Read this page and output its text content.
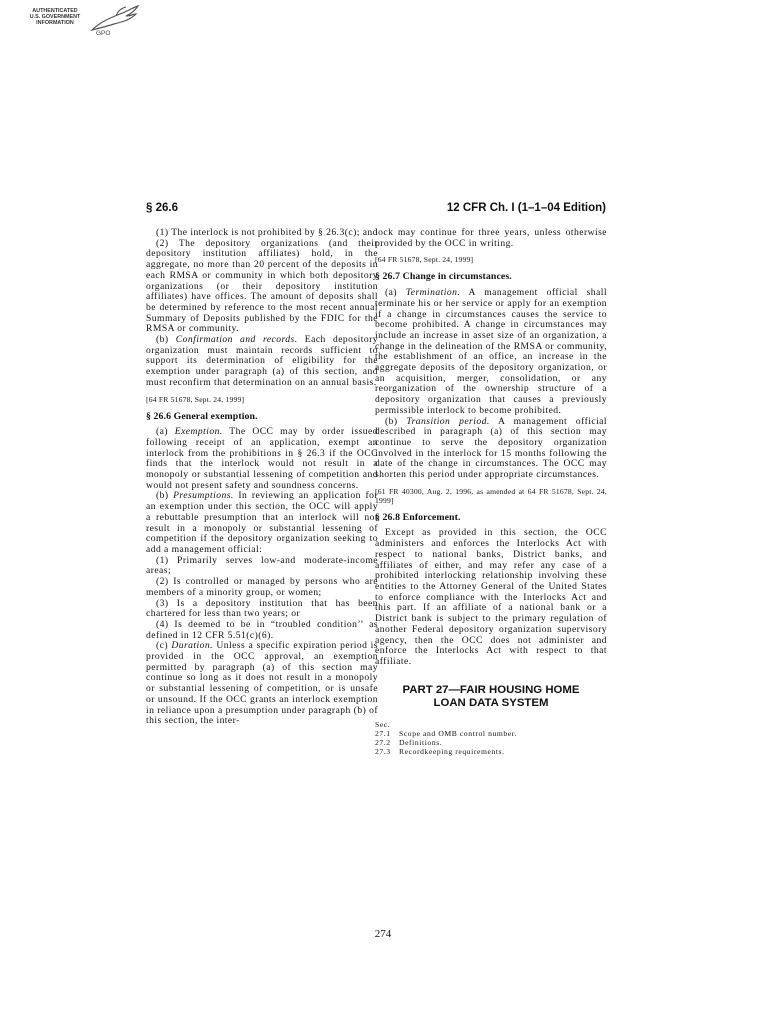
AUTHENTICATED
U.S. GOVERNMENT
INFORMATION
GPO
§ 26.6	12 CFR Ch. I (1–1–04 Edition)

(1) The interlock is not prohibited by § 26.3(c); and

(2) The depository organizations (and their depository institution affiliates) hold, in the aggregate, no more than 20 percent of the deposits in each RMSA or community in which both depository organizations (or their depository institution affiliates) have offices. The amount of deposits shall be determined by reference to the most recent annual Summary of Deposits published by the FDIC for the RMSA or community.

(b) Confirmation and records. Each depository organization must maintain records sufficient to support its determination of eligibility for the exemption under paragraph (a) of this section, and must reconfirm that determination on an annual basis.

[64 FR 51678, Sept. 24, 1999]

§ 26.6 General exemption.

(a) Exemption. The OCC may by order issued following receipt of an application, exempt an interlock from the prohibitions in § 26.3 if the OCC finds that the interlock would not result in a monopoly or substantial lessening of competition and would not present safety and soundness concerns.

(b) Presumptions. In reviewing an application for an exemption under this section, the OCC will apply a rebuttable presumption that an interlock will not result in a monopoly or substantial lessening of competition if the depository organization seeking to add a management official:

(1) Primarily serves low-and moderate-income areas;

(2) Is controlled or managed by persons who are members of a minority group, or women;

(3) Is a depository institution that has been chartered for less than two years; or

(4) Is deemed to be in “troubled condition’’ as defined in 12 CFR 5.51(c)(6).

(c) Duration. Unless a specific expiration period is provided in the OCC approval, an exemption permitted by paragraph (a) of this section may continue so long as it does not result in a monopoly or substantial lessening of competition, or is unsafe or unsound. If the OCC grants an interlock exemption in reliance upon a presumption under paragraph (b) of this section, the inter-

lock may continue for three years, unless otherwise provided by the OCC in writing.

[64 FR 51678, Sept. 24, 1999]

§ 26.7 Change in circumstances.

(a) Termination. A management official shall terminate his or her service or apply for an exemption if a change in circumstances causes the service to become prohibited. A change in circumstances may include an increase in asset size of an organization, a change in the delineation of the RMSA or community, the establishment of an office, an increase in the aggregate deposits of the depository organization, or an acquisition, merger, consolidation, or any reorganization of the ownership structure of a depository organization that causes a previously permissible interlock to become prohibited.

(b) Transition period. A management official described in paragraph (a) of this section may continue to serve the depository organization involved in the interlock for 15 months following the date of the change in circumstances. The OCC may shorten this period under appropriate circumstances.

[61 FR 40300, Aug. 2, 1996, as amended at 64 FR 51678, Sept. 24, 1999]

§ 26.8 Enforcement.

Except as provided in this section, the OCC administers and enforces the Interlocks Act with respect to national banks, District banks, and affiliates of either, and may refer any case of a prohibited interlocking relationship involving these entities to the Attorney General of the United States to enforce compliance with the Interlocks Act and this part. If an affiliate of a national bank or a District bank is subject to the primary regulation of another Federal depository organization supervisory agency, then the OCC does not administer and enforce the Interlocks Act with respect to that affiliate.

PART 27—FAIR HOUSING HOME
LOAN DATA SYSTEM
Sec.
27.1	Scope and OMB control number.
27.2	Definitions.
27.3	Recordkeeping requirements.
274
